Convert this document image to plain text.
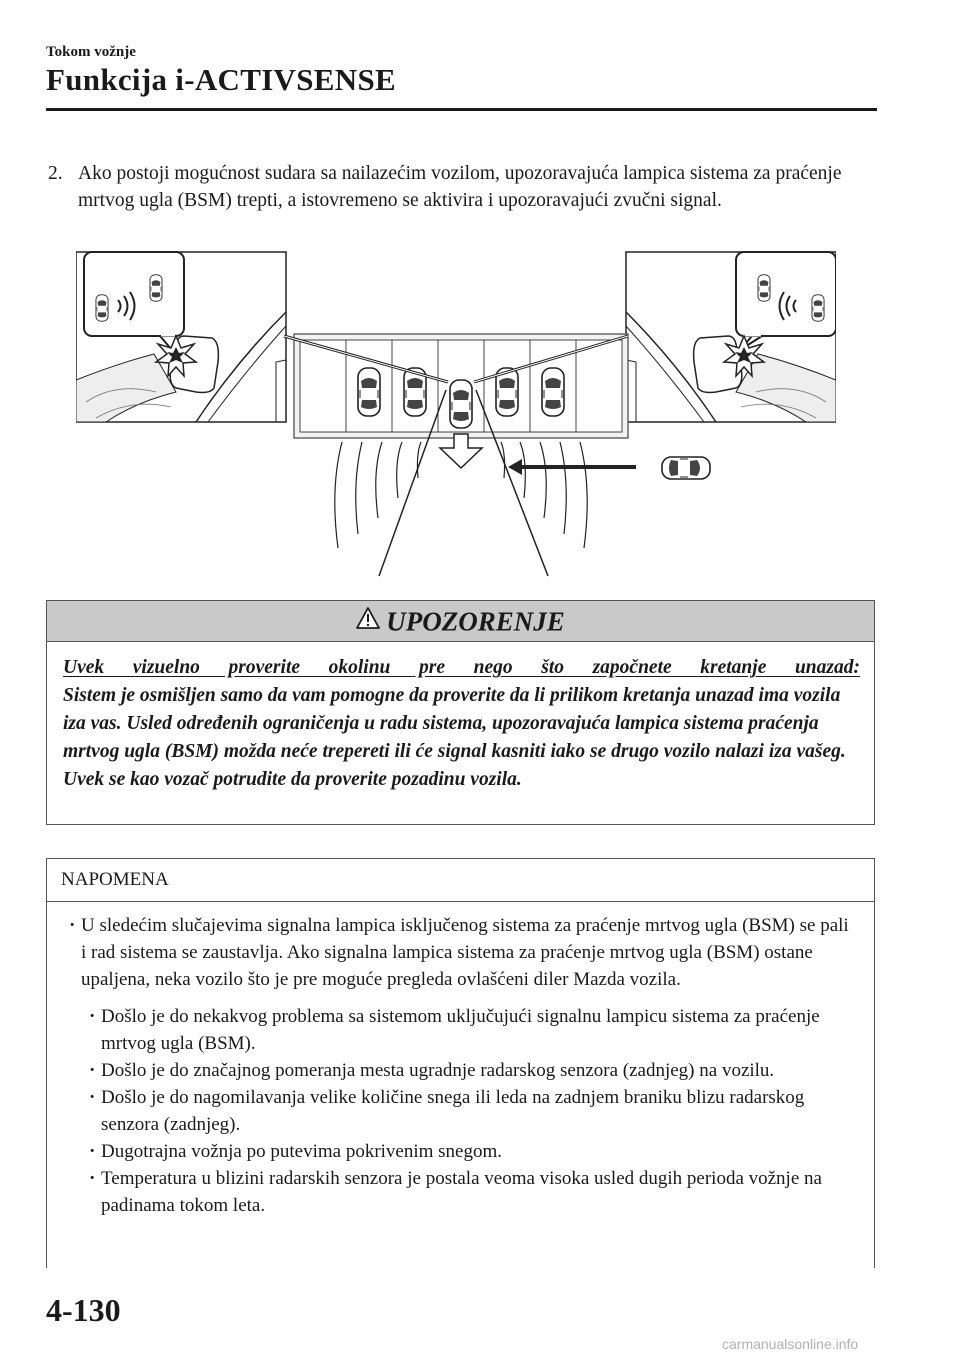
Tokom vožnje
Funkcija i-ACTIVSENSE
2. Ako postoji mogućnost sudara sa nailazećim vozilom, upozoravajuća lampica sistema za praćenje mrtvog ugla (BSM) trepti, a istovremeno se aktivira i upozoravajući zvučni signal.
UPOZORENJE
Uvek vizuelno proverite okolinu pre nego što započnete kretanje unazad:
Sistem je osmišljen samo da vam pomogne da proverite da li prilikom kretanja unazad ima vozila iza vas. Usled određenih ograničenja u radu sistema, upozoravajuća lampica sistema praćenja mrtvog ugla (BSM) možda neće trepereti ili će signal kasniti iako se drugo vozilo nalazi iza vašeg. Uvek se kao vozač potrudite da proverite pozadinu vozila.
NAPOMENA

· U sledećim slučajevima signalna lampica isključenog sistema za praćenje mrtvog ugla (BSM) se pali i rad sistema se zaustavlja. Ako signalna lampica sistema za praćenje mrtvog ugla (BSM) ostane upaljena, neka vozilo što je pre moguće pregleda ovlašćeni diler Mazda vozila.

· Došlo je do nekakvog problema sa sistemom uključujući signalnu lampicu sistema za praćenje mrtvog ugla (BSM).

· Došlo je do značajnog pomeranja mesta ugradnje radarskog senzora (zadnjeg) na vozilu.

· Došlo je do nagomilavanja velike količine snega ili leda na zadnjem braniku blizu radarskog senzora (zadnjeg).

· Dugotrajna vožnja po putevima pokrivenim snegom.

· Temperatura u blizini radarskih senzora je postala veoma visoka usled dugih perioda vožnje na padinama tokom leta.

4-130
carmanualsonline.info
